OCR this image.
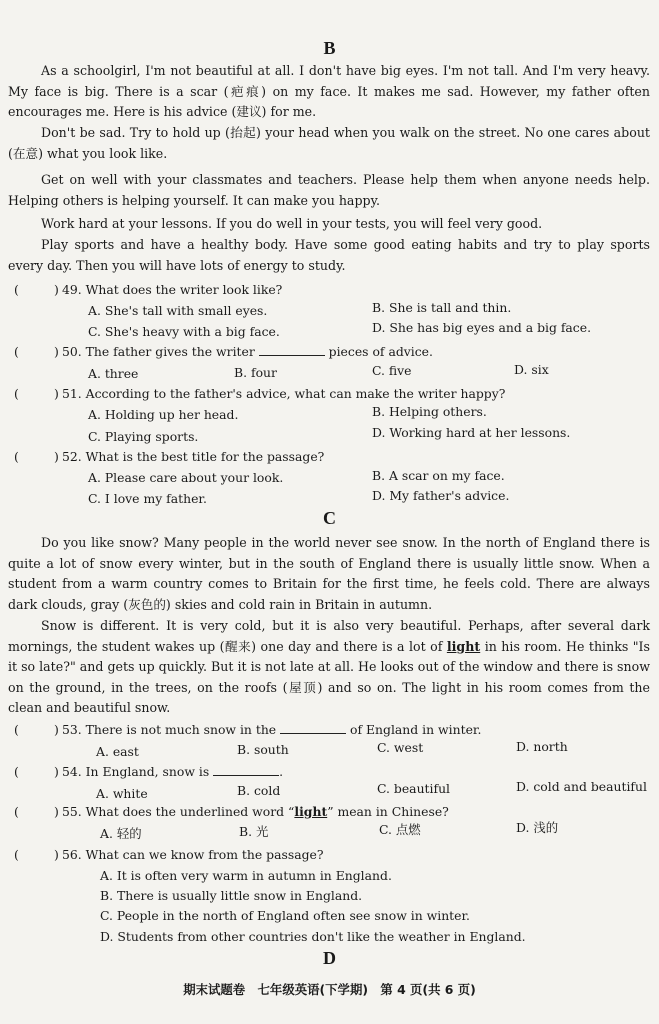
B
As a schoolgirl, I'm not beautiful at all. I don't have big eyes. I'm not tall. And I'm very heavy. My face is big. There is a scar (疤痕) on my face. It makes me sad. However, my father often encourages me. Here is his advice (建议) for me.
Don't be sad. Try to hold up (抬起) your head when you walk on the street. No one cares about (在意) what you look like.
Get on well with your classmates and teachers. Please help them when anyone needs help. Helping others is helping yourself. It can make you happy.
Work hard at your lessons. If you do well in your tests, you will feel very good.
Play sports and have a healthy body. Have some good eating habits and try to play sports every day. Then you will have lots of energy to study.
(	) 49. What does the writer look like?
A. She's tall with small eyes.	B. She is tall and thin.
C. She's heavy with a big face.	D. She has big eyes and a big face.
(	) 50. The father gives the writer	pieces of advice.
A. three	B. four	C. five	D. six
(	) 51. According to the father's advice, what can make the writer happy?
A. Holding up her head.	B. Helping others.
C. Playing sports.	D. Working hard at her lessons.
(	) 52. What is the best title for the passage?
A. Please care about your look.	B. A scar on my face.
C. I love my father.	D. My father's advice.
C
Do you like snow? Many people in the world never see snow. In the north of England there is quite a lot of snow every winter, but in the south of England there is usually little snow. When a student from a warm country comes to Britain for the first time, he feels cold. There are always dark clouds, gray (灰色的) skies and cold rain in Britain in autumn.
Snow is different. It is very cold, but it is also very beautiful. Perhaps, after several dark mornings, the student wakes up (醒来) one day and there is a lot of light in his room. He thinks "Is it so late?" and gets up quickly. But it is not late at all. He looks out of the window and there is snow on the ground, in the trees, on the roofs (屋顶) and so on. The light in his room comes from the clean and beautiful snow.
(	) 53. There is not much snow in the	of England in winter.
A. east	B. south	C. west	D. north
(	) 54. In England, snow is	.
A. white	B. cold	C. beautiful	D. cold and beautiful
(	) 55. What does the underlined word “light” mean in Chinese?
A. 轻的	B. 光	C. 点燃	D. 浅的
(	) 56. What can we know from the passage?
A. It is often very warm in autumn in England.
B. There is usually little snow in England.
C. People in the north of England often see snow in winter.
D. Students from other countries don't like the weather in England.
D
期末试题卷　七年级英语(下学期)　第 4 页(共 6 页)
